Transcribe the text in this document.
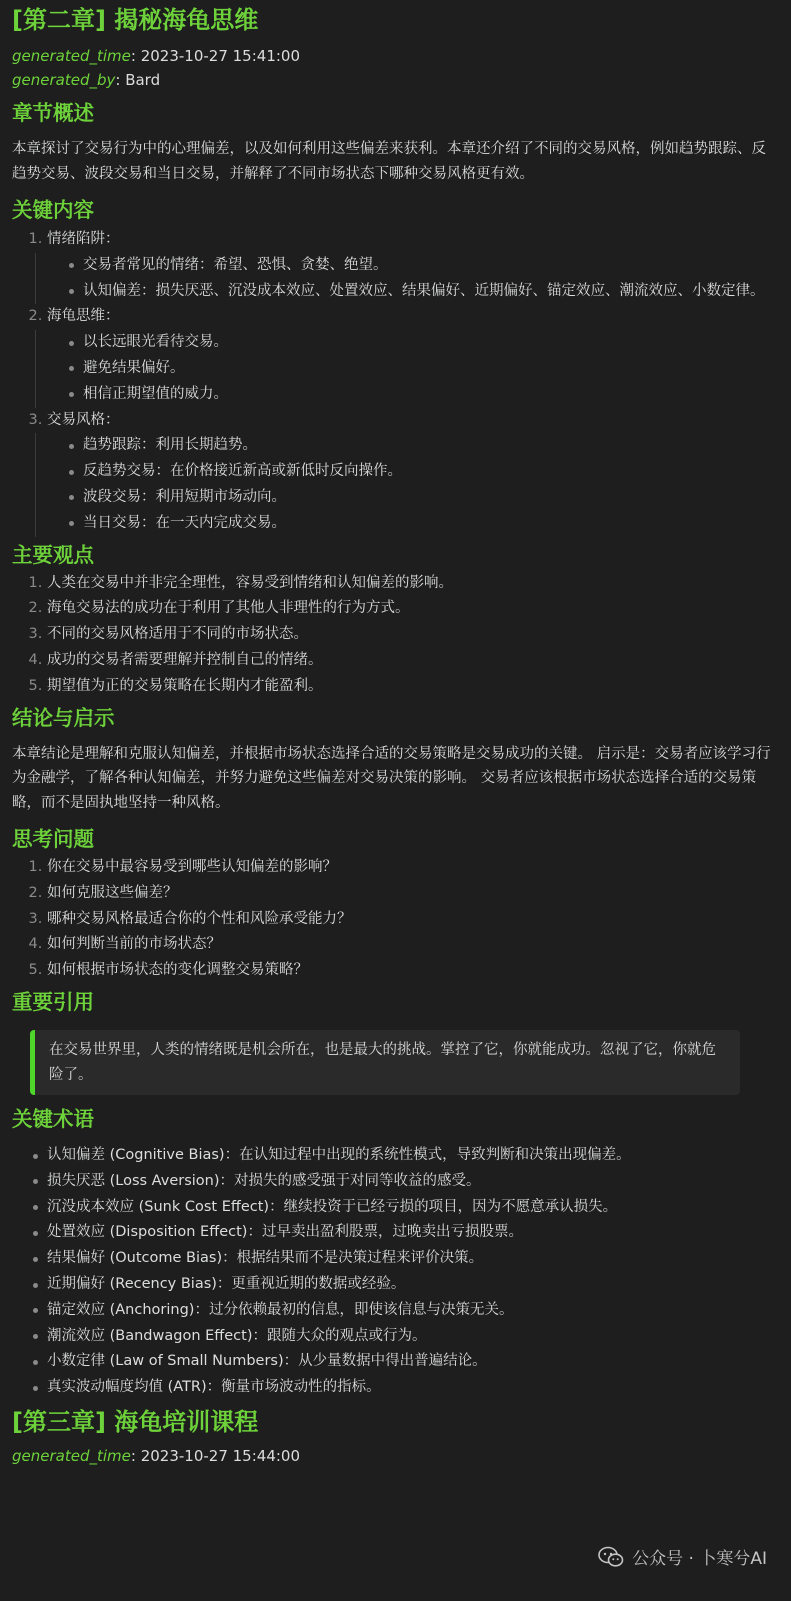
[第二章] 揭秘海龟思维
generated_time: 2023-10-27 15:41:00
generated_by: Bard
章节概述

本章探讨了交易行为中的心理偏差，以及如何利用这些偏差来获利。本章还介绍了不同的交易风格，例如趋势跟踪、反趋势交易、波段交易和当日交易，并解释了不同市场状态下哪种交易风格更有效。

关键内容
1. 情绪陷阱：
交易者常见的情绪：希望、恐惧、贪婪、绝望。
认知偏差：损失厌恶、沉没成本效应、处置效应、结果偏好、近期偏好、锚定效应、潮流效应、小数定律。
2. 海龟思维：
以长远眼光看待交易。
避免结果偏好。
相信正期望值的威力。
3. 交易风格：
趋势跟踪：利用长期趋势。
反趋势交易：在价格接近新高或新低时反向操作。
波段交易：利用短期市场动向。
当日交易：在一天内完成交易。
主要观点
1. 人类在交易中并非完全理性，容易受到情绪和认知偏差的影响。
2. 海龟交易法的成功在于利用了其他人非理性的行为方式。
3. 不同的交易风格适用于不同的市场状态。
4. 成功的交易者需要理解并控制自己的情绪。
5. 期望值为正的交易策略在长期内才能盈利。
结论与启示

本章结论是理解和克服认知偏差，并根据市场状态选择合适的交易策略是交易成功的关键。 启示是：交易者应该学习行为金融学，了解各种认知偏差，并努力避免这些偏差对交易决策的影响。 交易者应该根据市场状态选择合适的交易策略，而不是固执地坚持一种风格。

思考问题
1. 你在交易中最容易受到哪些认知偏差的影响？
2. 如何克服这些偏差？
3. 哪种交易风格最适合你的个性和风险承受能力？
4. 如何判断当前的市场状态？
5. 如何根据市场状态的变化调整交易策略？
重要引用
在交易世界里，人类的情绪既是机会所在，也是最大的挑战。掌控了它，你就能成功。忽视了它，你就危险了。
关键术语
认知偏差 (Cognitive Bias)：在认知过程中出现的系统性模式，导致判断和决策出现偏差。
损失厌恶 (Loss Aversion)：对损失的感受强于对同等收益的感受。
沉没成本效应 (Sunk Cost Effect)：继续投资于已经亏损的项目，因为不愿意承认损失。
处置效应 (Disposition Effect)：过早卖出盈利股票，过晚卖出亏损股票。
结果偏好 (Outcome Bias)：根据结果而不是决策过程来评价决策。
近期偏好 (Recency Bias)：更重视近期的数据或经验。
锚定效应 (Anchoring)：过分依赖最初的信息，即使该信息与决策无关。
潮流效应 (Bandwagon Effect)：跟随大众的观点或行为。
小数定律 (Law of Small Numbers)：从少量数据中得出普遍结论。
真实波动幅度均值 (ATR)：衡量市场波动性的指标。
[第三章] 海龟培训课程
generated_time: 2023-10-27 15:44:00
公众号 · 卜寒兮AI
